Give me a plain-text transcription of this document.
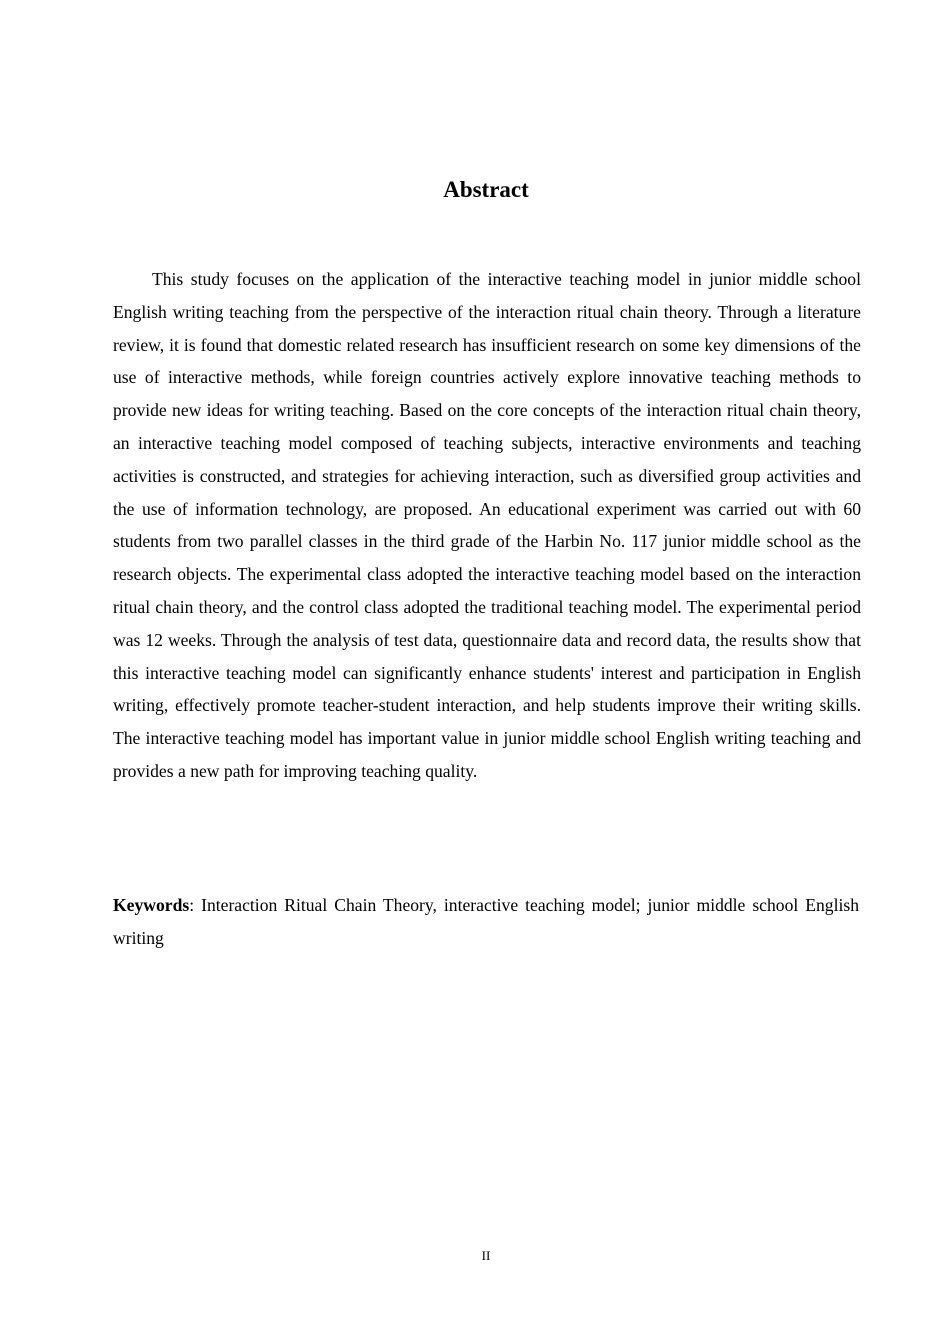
Abstract

This study focuses on the application of the interactive teaching model in junior middle school English writing teaching from the perspective of the interaction ritual chain theory. Through a literature review, it is found that domestic related research has insufficient research on some key dimensions of the use of interactive methods, while foreign countries actively explore innovative teaching methods to provide new ideas for writing teaching. Based on the core concepts of the interaction ritual chain theory, an interactive teaching model composed of teaching subjects, interactive environments and teaching activities is constructed, and strategies for achieving interaction, such as diversified group activities and the use of information technology, are proposed. An educational experiment was carried out with 60 students from two parallel classes in the third grade of the Harbin No. 117 junior middle school as the research objects. The experimental class adopted the interactive teaching model based on the interaction ritual chain theory, and the control class adopted the traditional teaching model. The experimental period was 12 weeks. Through the analysis of test data, questionnaire data and record data, the results show that this interactive teaching model can significantly enhance students' interest and participation in English writing, effectively promote teacher-student interaction, and help students improve their writing skills. The interactive teaching model has important value in junior middle school English writing teaching and provides a new path for improving teaching quality.

Keywords: Interaction Ritual Chain Theory, interactive teaching model; junior middle school English writing

II
